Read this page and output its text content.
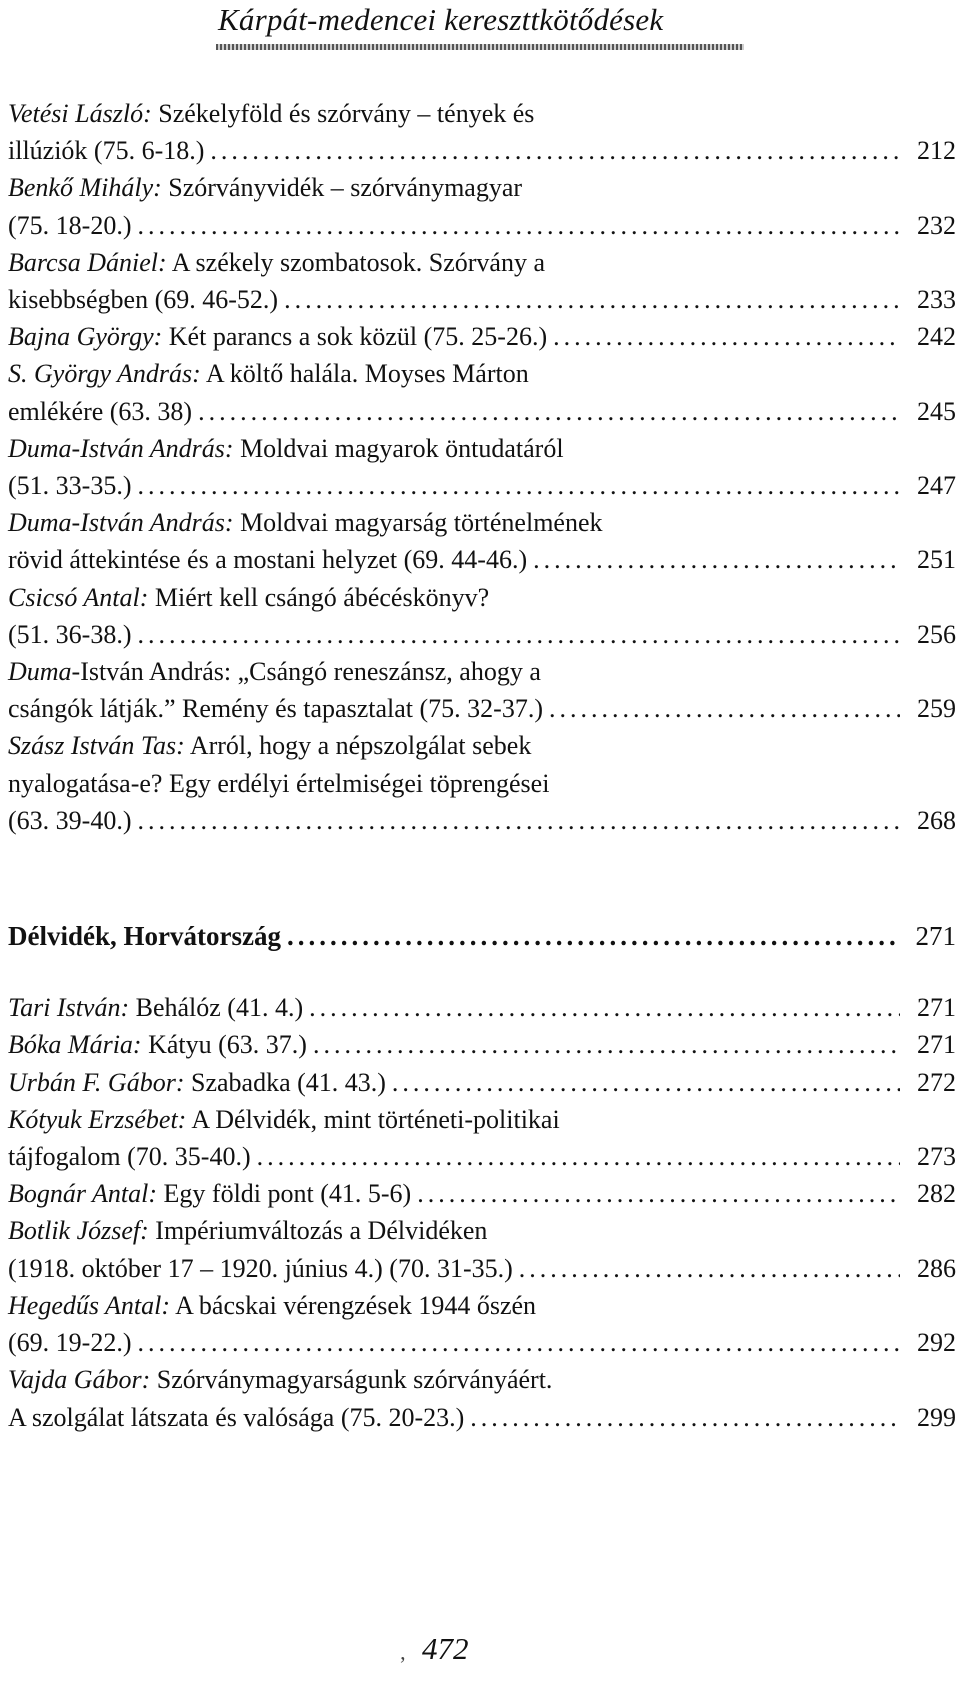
Kárpát-medencei kereszttkötődések
Vetési László: Székelyföld és szórvány – tények és
illúziók (75. 6-18.) .....	212
Benkő Mihály: Szórványvidék – szórványmagyar
(75. 18-20.) .....	232
Barcsa Dániel: A székely szombatosok. Szórvány a
kisebbségben (69. 46-52.) .....	233
Bajna György: Két parancs a sok közül (75. 25-26.) .....	242
S. György András: A költő halála. Moyses Márton
emlékére (63. 38) .....	245
Duma-István András: Moldvai magyarok öntudatáról
(51. 33-35.) .....	247
Duma-István András: Moldvai magyarság történelmének
rövid áttekintése és a mostani helyzet (69. 44-46.) .....	251
Csicsó Antal: Miért kell csángó ábécéskönyv?
(51. 36-38.) .....	256
Duma-István András: „Csángó reneszánsz, ahogy a
csángók látják.” Remény és tapasztalat (75. 32-37.) .....	259
Szász István Tas: Arról, hogy a népszolgálat sebek
nyalogatása-e? Egy erdélyi értelmiségei töprengései
(63. 39-40.) .....	268
Délvidék, Horvátország .....	271
Tari István: Behálóz (41. 4.) .....	271
Bóka Mária: Kátyu (63. 37.) .....	271
Urbán F. Gábor: Szabadka (41. 43.) .....	272
Kótyuk Erzsébet: A Délvidék, mint történeti-politikai
tájfogalom (70. 35-40.) .....	273
Bognár Antal: Egy földi pont (41. 5-6) .....	282
Botlik József: Impériumváltozás a Délvidéken
(1918. október 17 – 1920. június 4.) (70. 31-35.) .....	286
Hegedűs Antal: A bácskai vérengzések 1944 őszén
(69. 19-22.) .....	292
Vajda Gábor: Szórványmagyarságunk szórványáért.
A szolgálat látszata és valósága (75. 20-23.) .....	299
472
ʼ
